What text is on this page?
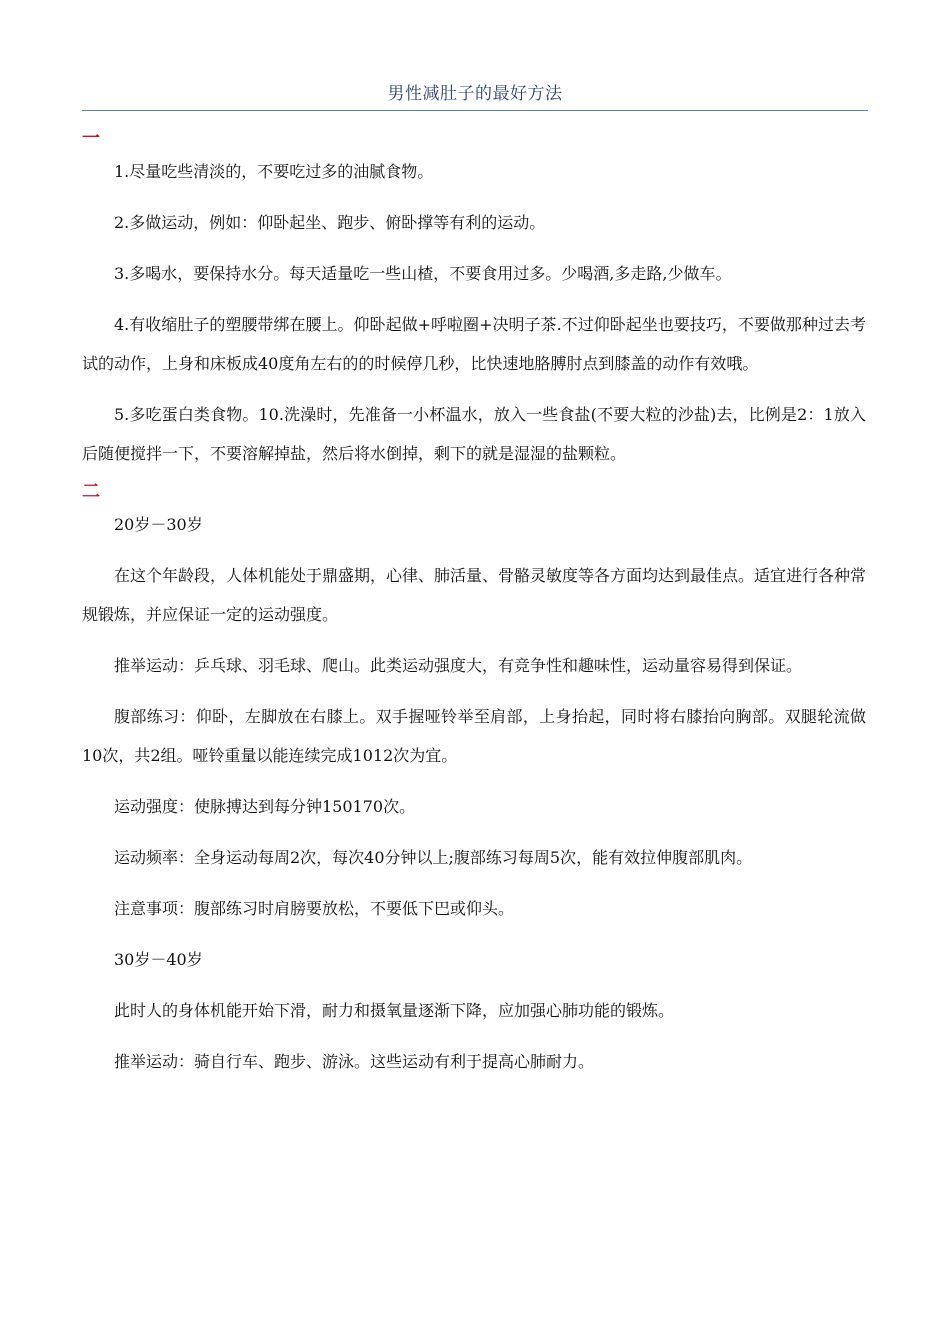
男性减肚子的最好方法
一

1.尽量吃些清淡的，不要吃过多的油腻食物。

2.多做运动，例如：仰卧起坐、跑步、俯卧撑等有利的运动。

3.多喝水，要保持水分。每天适量吃一些山楂，不要食用过多。少喝酒,多走路,少做车。

4.有收缩肚子的塑腰带绑在腰上。仰卧起做+呼啦圈+决明子茶.不过仰卧起坐也要技巧，不要做那种过去考试的动作，上身和床板成40度角左右的的时候停几秒，比快速地胳膊肘点到膝盖的动作有效哦。

5.多吃蛋白类食物。10.洗澡时，先准备一小杯温水，放入一些食盐(不要大粒的沙盐)去，比例是2：1放入后随便搅拌一下，不要溶解掉盐，然后将水倒掉，剩下的就是湿湿的盐颗粒。

二

20岁－30岁

在这个年龄段，人体机能处于鼎盛期，心律、肺活量、骨骼灵敏度等各方面均达到最佳点。适宜进行各种常规锻炼，并应保证一定的运动强度。

推举运动：乒乓球、羽毛球、爬山。此类运动强度大，有竞争性和趣味性，运动量容易得到保证。

腹部练习：仰卧，左脚放在右膝上。双手握哑铃举至肩部，上身抬起，同时将右膝抬向胸部。双腿轮流做10次，共2组。哑铃重量以能连续完成1012次为宜。

运动强度：使脉搏达到每分钟150170次。

运动频率：全身运动每周2次，每次40分钟以上;腹部练习每周5次，能有效拉伸腹部肌肉。

注意事项：腹部练习时肩膀要放松，不要低下巴或仰头。

30岁－40岁

此时人的身体机能开始下滑，耐力和摄氧量逐渐下降，应加强心肺功能的锻炼。

推举运动：骑自行车、跑步、游泳。这些运动有利于提高心肺耐力。
